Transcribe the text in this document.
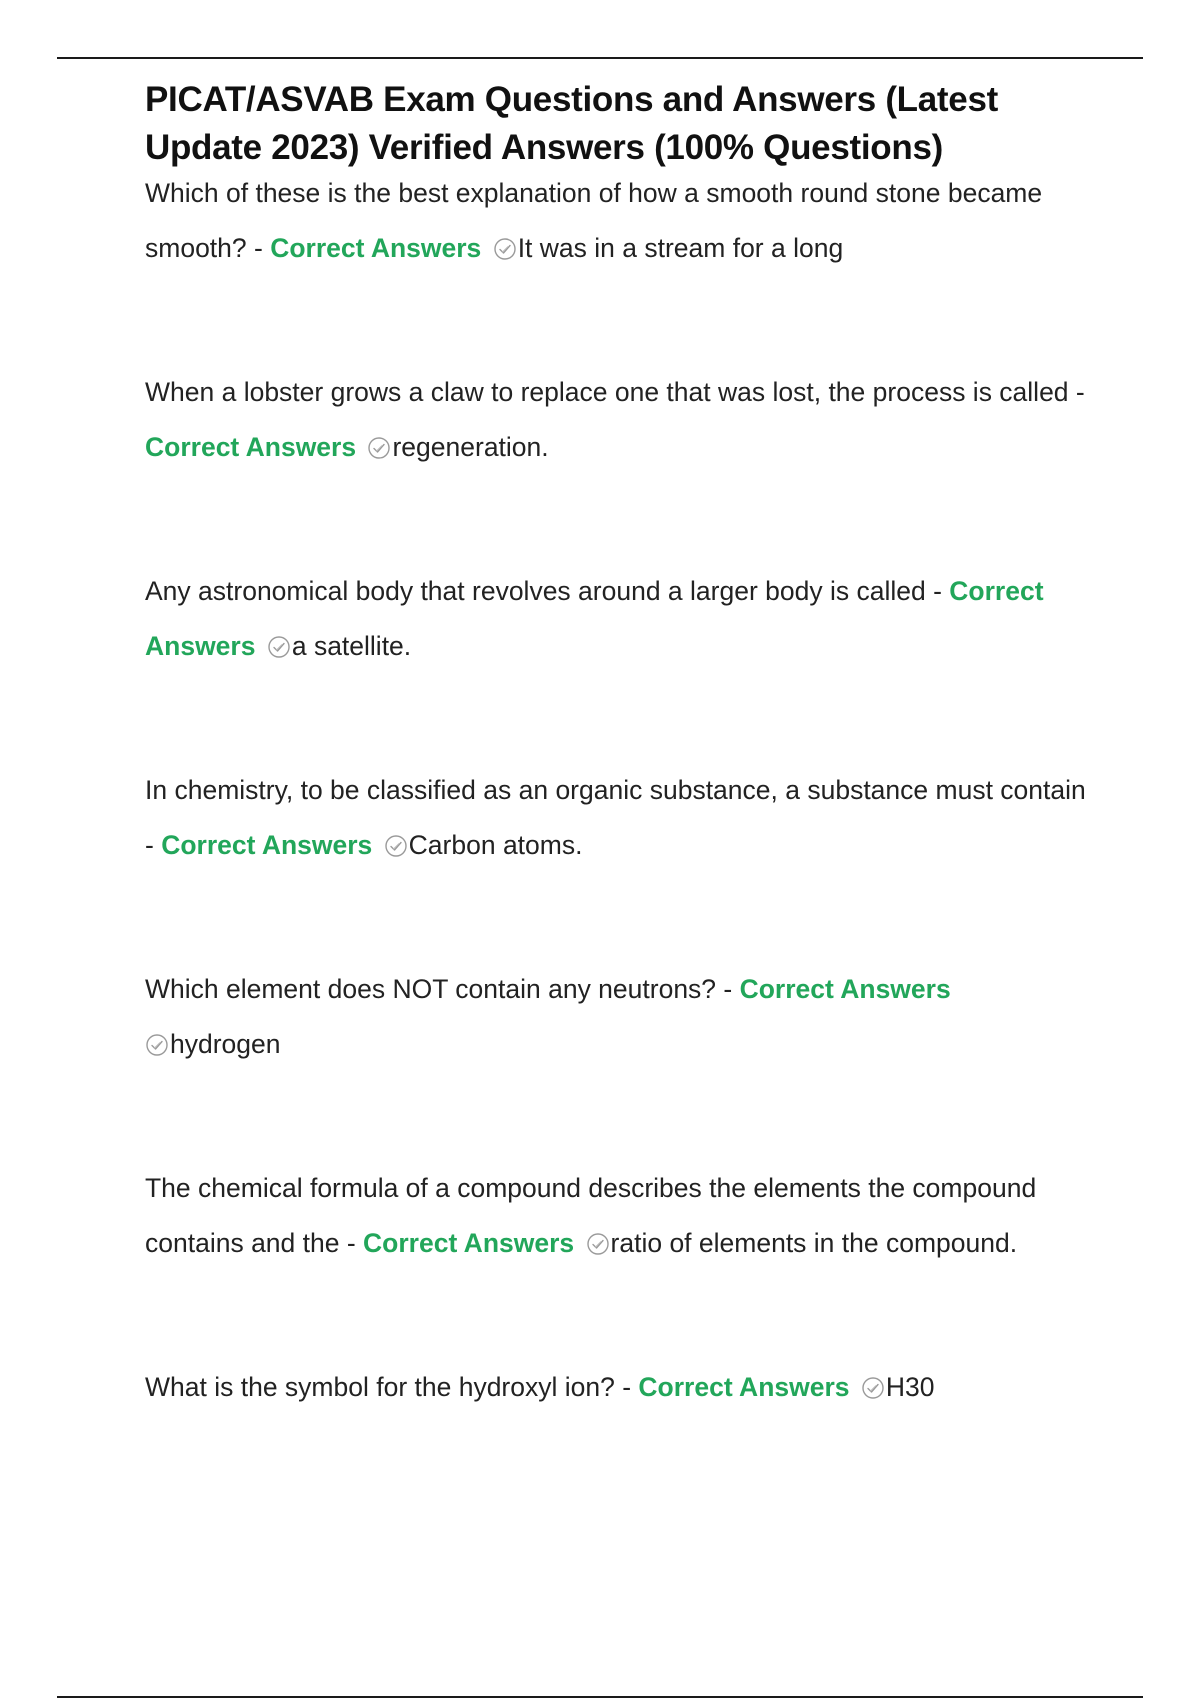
PICAT/ASVAB Exam Questions and Answers (Latest
Update 2023) Verified Answers (100% Questions)
Which of these is the best explanation of how a smooth round stone became smooth? - Correct Answers It was in a stream for a long
When a lobster grows a claw to replace one that was lost, the process is called - Correct Answers regeneration.
Any astronomical body that revolves around a larger body is called - Correct Answers a satellite.
In chemistry, to be classified as an organic substance, a substance must contain - Correct Answers Carbon atoms.
Which element does NOT contain any neutrons? - Correct Answers
hydrogen
The chemical formula of a compound describes the elements the compound contains and the - Correct Answers ratio of elements in the compound.
What is the symbol for the hydroxyl ion? - Correct Answers H30
